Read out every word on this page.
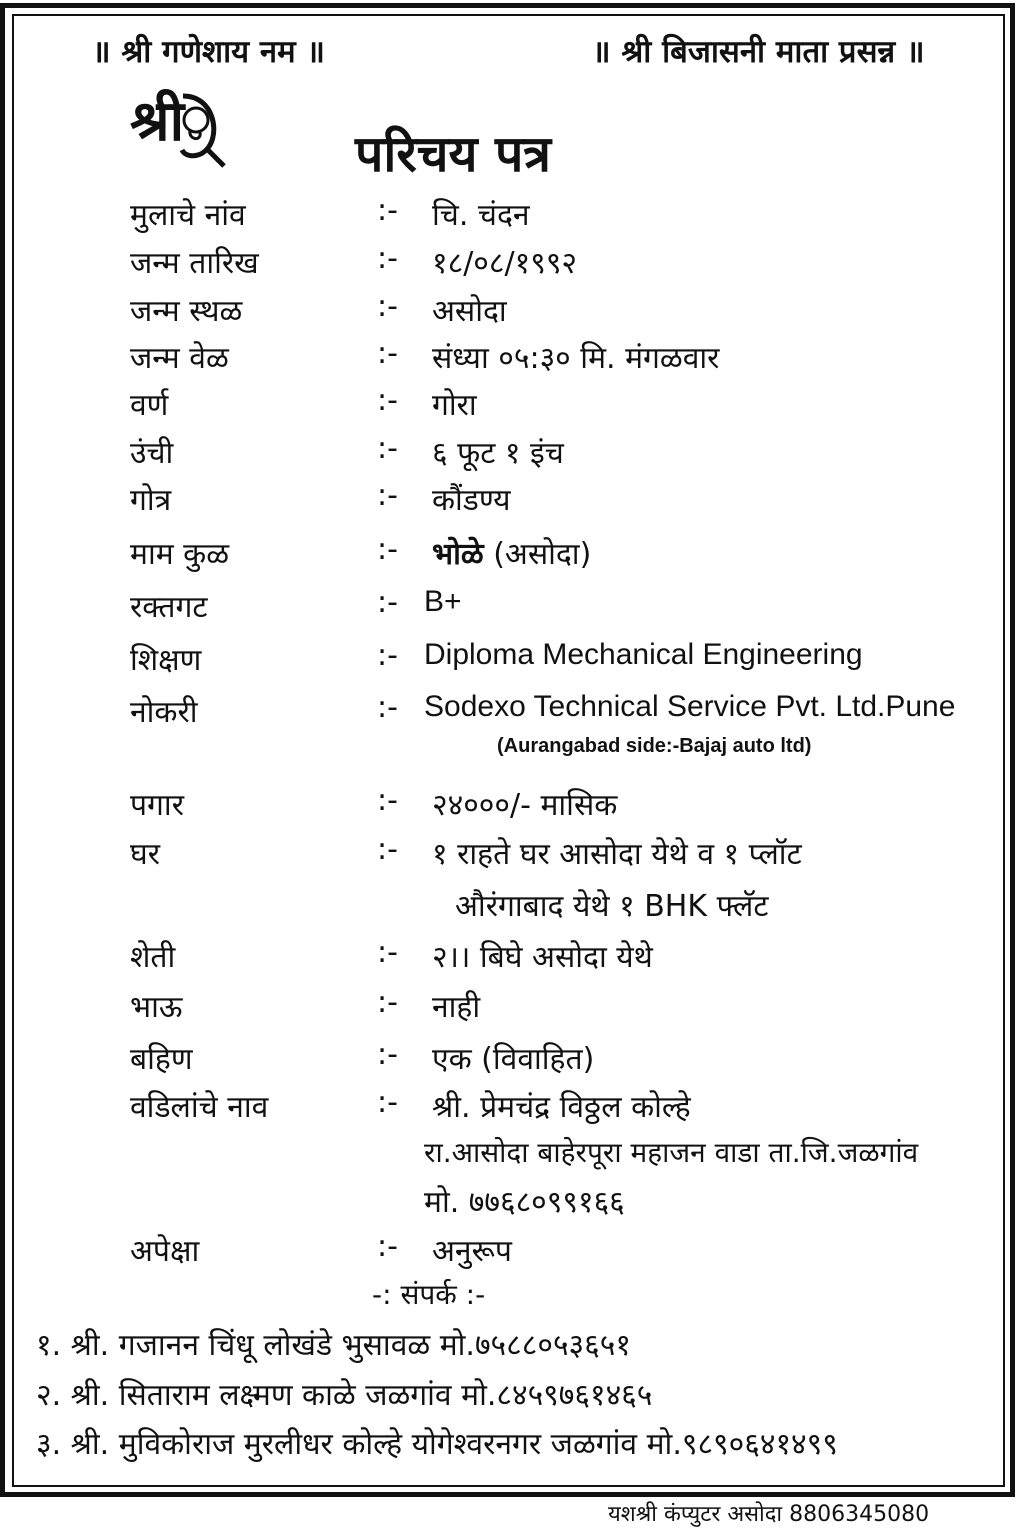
॥ श्री गणेशाय नम ॥	॥ श्री बिजासनी माता प्रसन्न ॥
श्री	परिचय पत्र
मुलाचे नांव	:- चि. चंदन
जन्म तारिख	:- १८/०८/१९९२
जन्म स्थळ	:- असोदा
जन्म वेळ	:- संध्या ०५:३० मि. मंगळवार
वर्ण	:- गोरा
उंची	:- ६ फूट १ इंच
गोत्र	:- कौंडण्य
माम कुळ	:- भोळे (असोदा)
रक्तगट	:- B+
शिक्षण	:- Diploma Mechanical Engineering
नोकरी	:- Sodexo Technical Service Pvt. Ltd.Pune
(Aurangabad side:-Bajaj auto ltd)
पगार	:- २४०००/- मासिक
घर	:- १ राहते घर आसोदा येथे व १ प्लॉट
औरंगाबाद येथे १ BHK फ्लॅट
शेती	:- २।। बिघे असोदा येथे
भाऊ	:- नाही
बहिण	:- एक (विवाहित)
वडिलांचे नाव	:- श्री. प्रेमचंद्र विठ्ठल कोल्हे
रा.आसोदा बाहेरपूरा महाजन वाडा ता.जि.जळगांव
मो. ७७६८०९९१६६
अपेक्षा	:- अनुरूप
-: संपर्क :-
१. श्री. गजानन चिंधू लोखंडे भुसावळ मो.७५८८०५३६५१
२. श्री. सिताराम लक्ष्मण काळे जळगांव मो.८४५९७६१४६५
३. श्री. मुविकोराज मुरलीधर कोल्हे योगेश्वरनगर जळगांव मो.९८९०६४१४९९
यशश्री कंप्युटर असोदा 8806345080
